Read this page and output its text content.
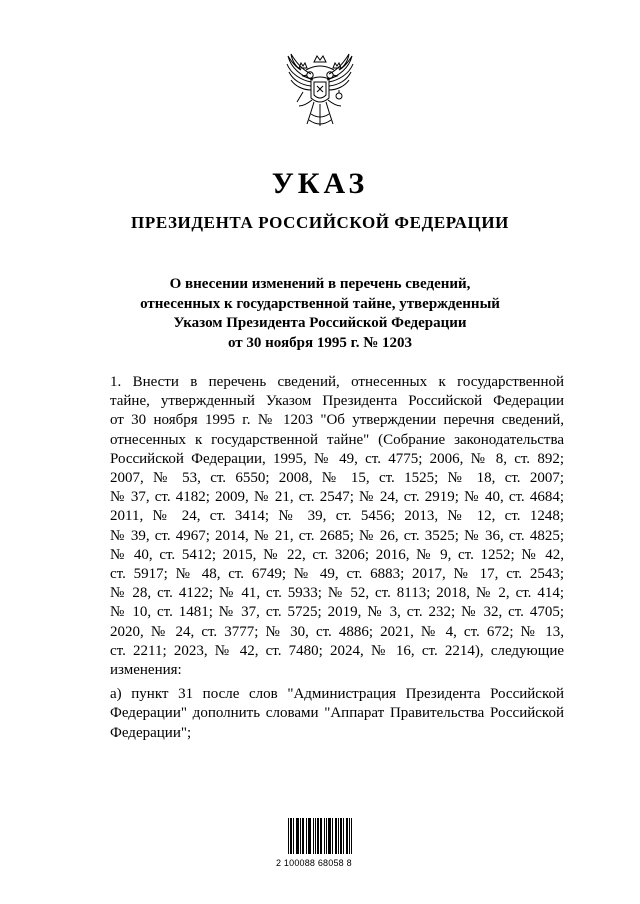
УКАЗ
ПРЕЗИДЕНТА РОССИЙСКОЙ ФЕДЕРАЦИИ
О внесении изменений в перечень сведений,
отнесенных к государственной тайне, утвержденный
Указом Президента Российской Федерации
от 30 ноября 1995 г. № 1203
1. Внести в перечень сведений, отнесенных к государственной
тайне, утвержденный Указом Президента Российской Федерации
от 30 ноября 1995 г. № 1203 "Об утверждении перечня сведений,
отнесенных к государственной тайне" (Собрание законодательства
Российской Федерации, 1995, № 49, ст. 4775; 2006, № 8, ст. 892;
2007, № 53, ст. 6550; 2008, № 15, ст. 1525; № 18, ст. 2007;
№ 37, ст. 4182; 2009, № 21, ст. 2547; № 24, ст. 2919; № 40, ст. 4684;
2011, № 24, ст. 3414; № 39, ст. 5456; 2013, № 12, ст. 1248;
№ 39, ст. 4967; 2014, № 21, ст. 2685; № 26, ст. 3525; № 36, ст. 4825;
№ 40, ст. 5412; 2015, № 22, ст. 3206; 2016, № 9, ст. 1252; № 42,
ст. 5917; № 48, ст. 6749; № 49, ст. 6883; 2017, № 17, ст. 2543;
№ 28, ст. 4122; № 41, ст. 5933; № 52, ст. 8113; 2018, № 2, ст. 414;
№ 10, ст. 1481; № 37, ст. 5725; 2019, № 3, ст. 232; № 32, ст. 4705;
2020, № 24, ст. 3777; № 30, ст. 4886; 2021, № 4, ст. 672; № 13,
ст. 2211; 2023, № 42, ст. 7480; 2024, № 16, ст. 2214), следующие
изменения:
а) пункт 31 после слов "Администрация Президента Российской
Федерации" дополнить словами "Аппарат Правительства Российской
Федерации";
2 100088 68058 8
